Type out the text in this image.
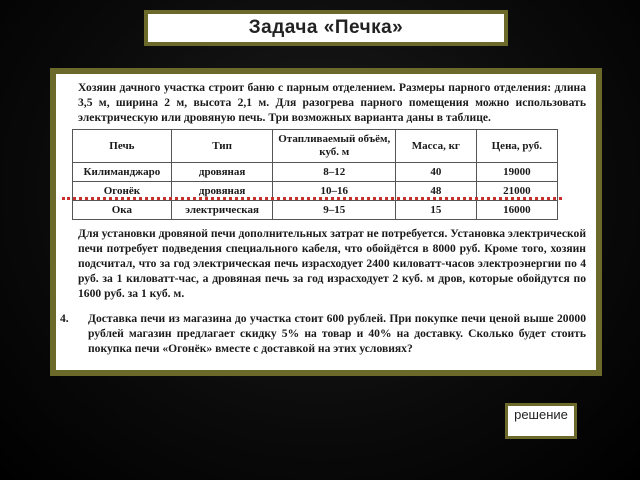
Задача «Печка»

Хозяин дачного участка строит баню с парным отделением. Размеры парного отделения: длина 3,5 м, ширина 2 м, высота 2,1 м. Для разогрева парного помещения можно использовать электрическую или дровяную печь. Три возможных варианта даны в таблице.

Печь	Тип	Отапливаемый объём, куб. м	Масса, кг	Цена, руб.
Килиманджаро	дровяная	8–12	40	19000
Огонёк	дровяная	10–16	48	21000
Ока	электрическая	9–15	15	16000

Для установки дровяной печи дополнительных затрат не потребуется. Установка электрической печи потребует подведения специального кабеля, что обойдётся в 8000 руб. Кроме того, хозяин подсчитал, что за год электрическая печь израсходует 2400 киловатт-часов электроэнергии по 4 руб. за 1 киловатт-час, а дровяная печь за год израсходует 2 куб. м дров, которые обойдутся по 1600 руб. за 1 куб. м.

4.	Доставка печи из магазина до участка стоит 600 рублей. При покупке печи ценой выше 20000 рублей магазин предлагает скидку 5% на товар и 40% на доставку. Сколько будет стоить покупка печи «Огонёк» вместе с доставкой на этих условиях?
решение
